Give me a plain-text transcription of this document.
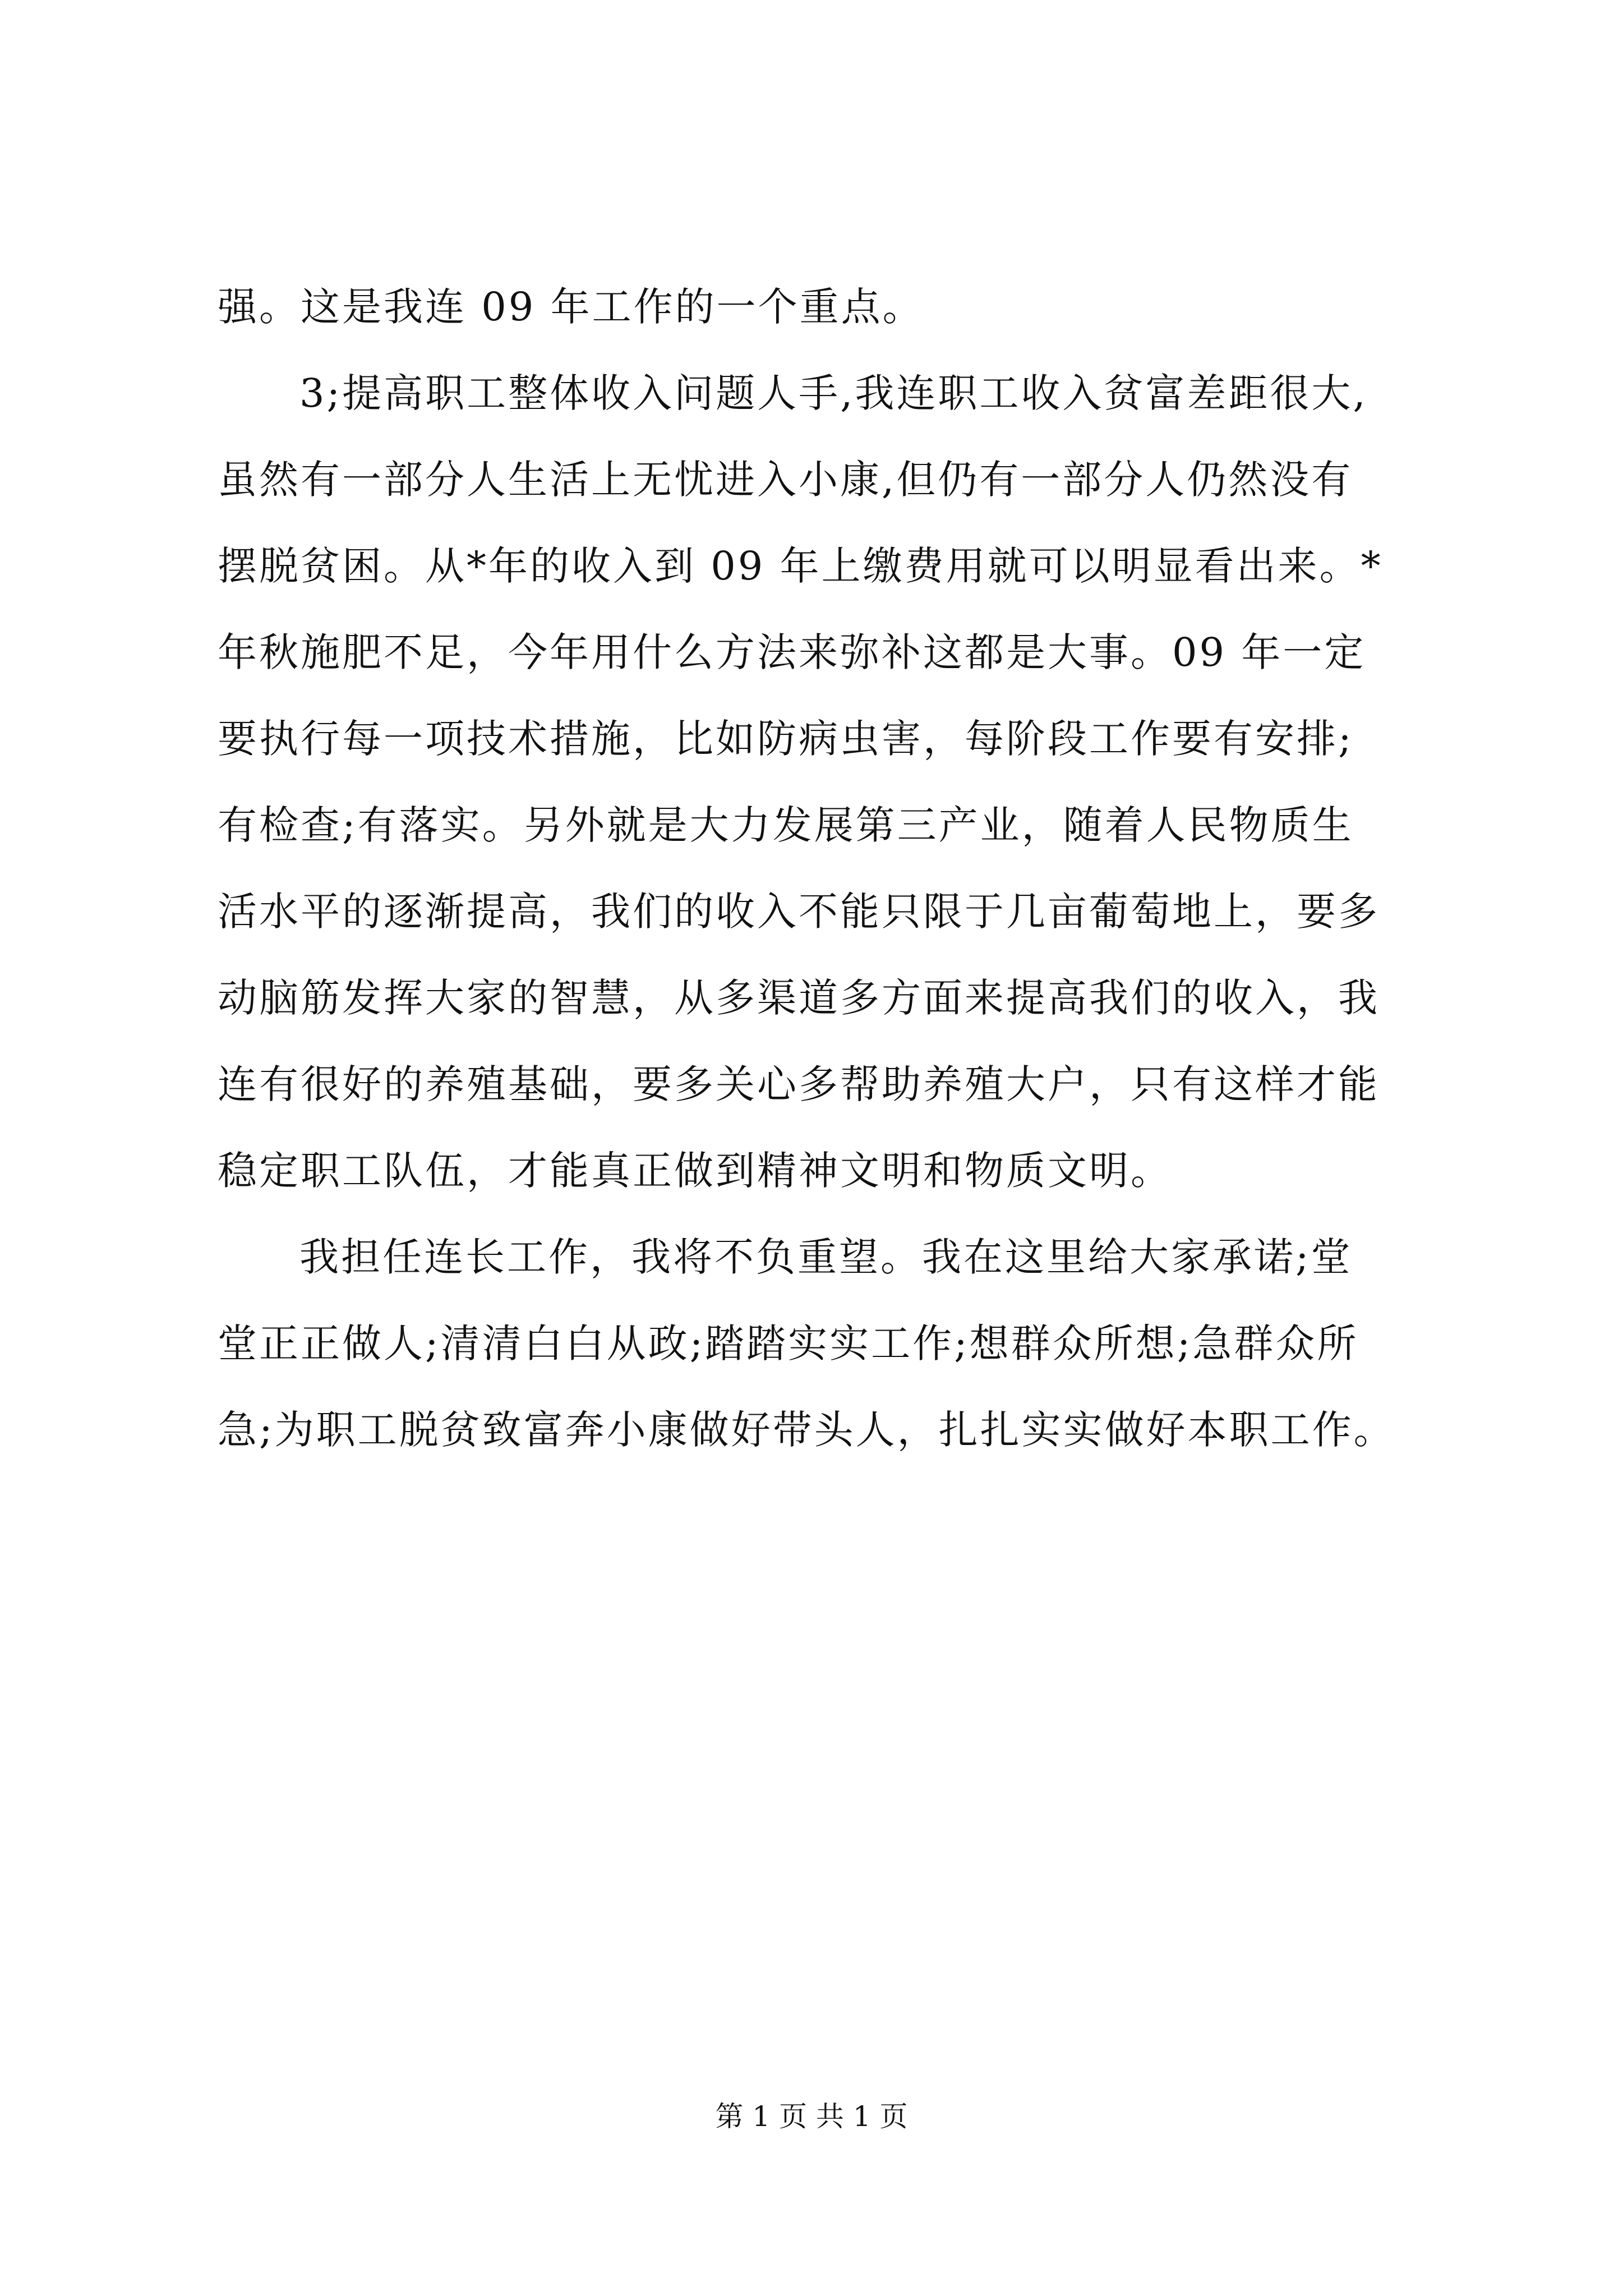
强。这是我连 09 年工作的一个重点。
3;提高职工整体收入问题人手,我连职工收入贫富差距很大,
虽然有一部分人生活上无忧进入小康,但仍有一部分人仍然没有
摆脱贫困。从*年的收入到 09 年上缴费用就可以明显看出来。*
年秋施肥不足，今年用什么方法来弥补这都是大事。09 年一定
要执行每一项技术措施，比如防病虫害，每阶段工作要有安排;
有检查;有落实。另外就是大力发展第三产业，随着人民物质生
活水平的逐渐提高，我们的收入不能只限于几亩葡萄地上，要多
动脑筋发挥大家的智慧，从多渠道多方面来提高我们的收入，我
连有很好的养殖基础，要多关心多帮助养殖大户，只有这样才能
稳定职工队伍，才能真正做到精神文明和物质文明。
我担任连长工作，我将不负重望。我在这里给大家承诺;堂
堂正正做人;清清白白从政;踏踏实实工作;想群众所想;急群众所
急;为职工脱贫致富奔小康做好带头人，扎扎实实做好本职工作。
第 1 页 共 1 页
